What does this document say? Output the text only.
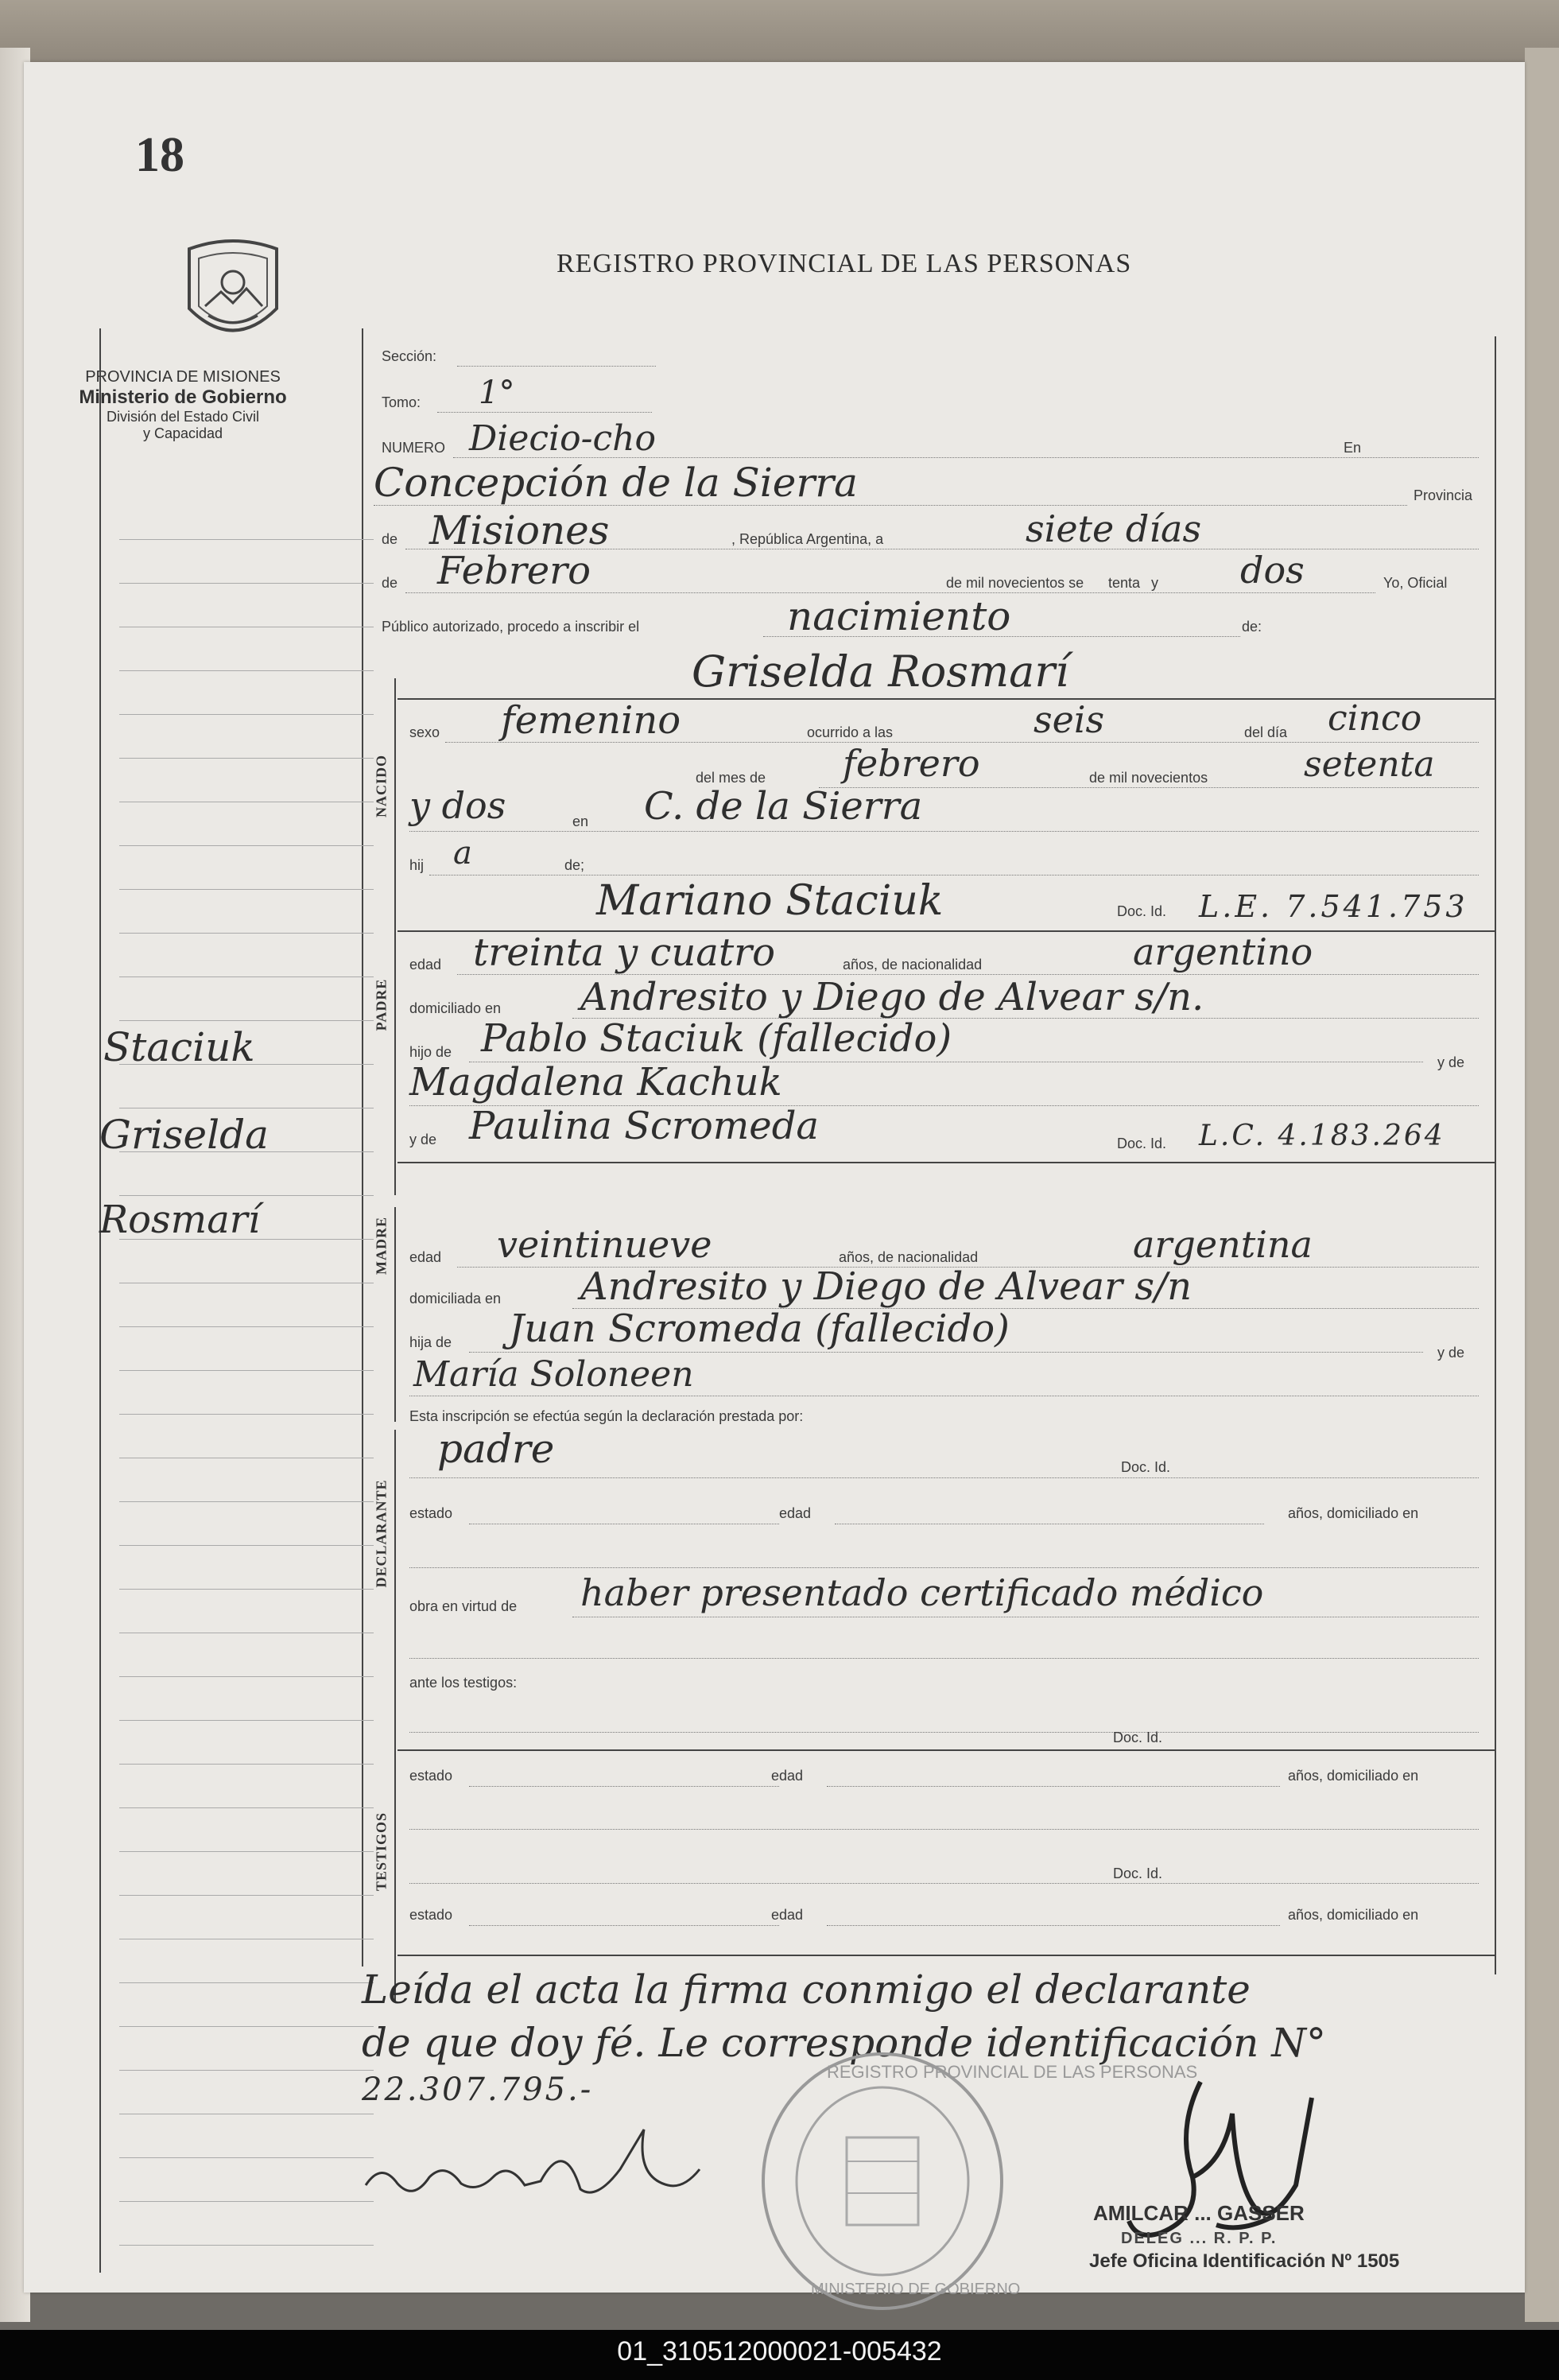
18
PROVINCIA DE MISIONES
Ministerio de Gobierno
División del Estado Civil
y Capacidad
REGISTRO PROVINCIAL DE LAS PERSONAS
Staciuk
Griselda
Rosmarí
NACIDO
PADRE
MADRE
DECLARANTE
TESTIGOS
Sección:
Tomo: 1°
NUMERO Diecio-cho	En
Concepción de la Sierra	Provincia
de Misiones	, República Argentina, a	siete días
de Febrero	de mil novecientos se tenta y dos	Yo, Oficial
Público autorizado, procedo a inscribir el	nacimiento	de:
Griselda Rosmarí
sexo femenino	ocurrido a las	seis	del día cinco
del mes de febrero	de mil novecientos	setenta
y dos	en C. de la Sierra
hij a	de;
Mariano Staciuk	Doc. Id. L.E. 7.541.753
edad treinta y cuatro	años, de nacionalidad	argentino
domiciliado en Andresito y Diego de Alvear s/n.
hijo de Pablo Staciuk (fallecido)
y de
Magdalena Kachuk
y de Paulina Scromeda	Doc. Id. L.C. 4.183.264
edad veintinueve	años, de nacionalidad	argentina
domiciliada en Andresito y Diego de Alvear s/n
hija de Juan Scromeda (fallecido)
y de
María Soloneen
Esta inscripción se efectúa según la declaración prestada por:
padre	Doc. Id.
estado	edad	años, domiciliado en
obra en virtud de haber presentado certificado médico
ante los testigos:
Doc. Id.
estado	edad	años, domiciliado en
Doc. Id.
estado	edad	años, domiciliado en
Leída el acta la firma conmigo el declarante
de que doy fé. Le corresponde identificación N°
22.307.795.-	REGISTRO PROVINCIAL DE LAS PERSONAS
MINISTERIO DE GOBIERNO
AMILCAR ... GASSER
DELEG ... R. P. P.
Jefe Oficina Identificación Nº 1505
01_310512000021-005432
